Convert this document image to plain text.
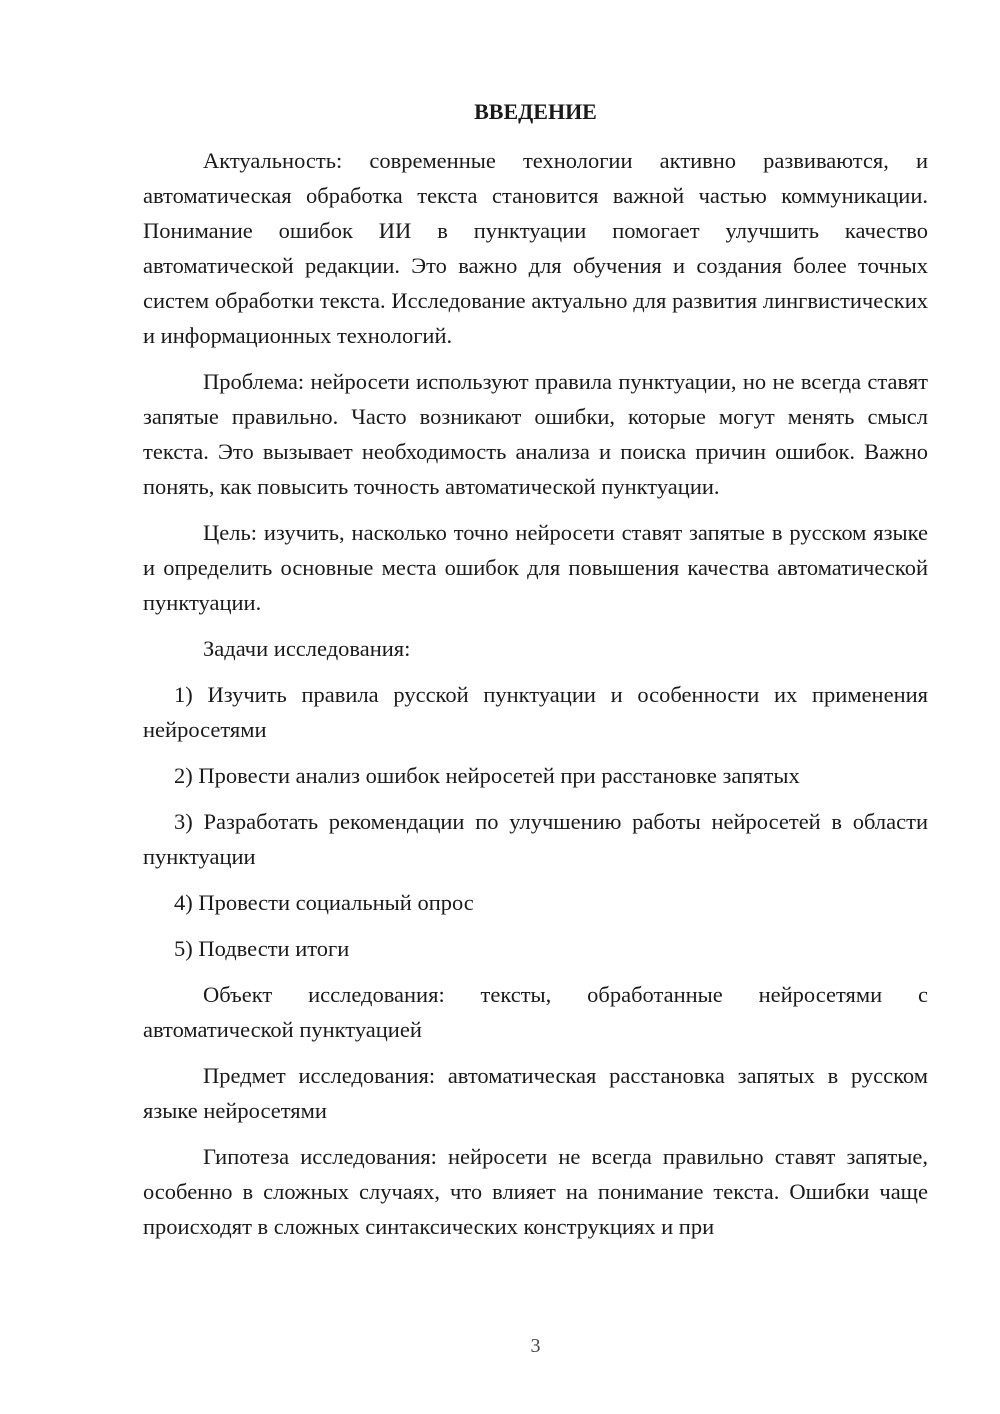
ВВЕДЕНИЕ

Актуальность: современные технологии активно развиваются, и автоматическая обработка текста становится важной частью коммуникации. Понимание ошибок ИИ в пунктуации помогает улучшить качество автоматической редакции. Это важно для обучения и создания более точных систем обработки текста. Исследование актуально для развития лингвистических и информационных технологий.

Проблема: нейросети используют правила пунктуации, но не всегда ставят запятые правильно. Часто возникают ошибки, которые могут менять смысл текста. Это вызывает необходимость анализа и поиска причин ошибок. Важно понять, как повысить точность автоматической пунктуации.

Цель: изучить, насколько точно нейросети ставят запятые в русском языке и определить основные места ошибок для повышения качества автоматической пунктуации.

Задачи исследования:

1) Изучить правила русской пунктуации и особенности их применения нейросетями

2) Провести анализ ошибок нейросетей при расстановке запятых

3) Разработать рекомендации по улучшению работы нейросетей в области пунктуации

4) Провести социальный опрос

5) Подвести итоги

Объект исследования: тексты, обработанные нейросетями с автоматической пунктуацией

Предмет исследования: автоматическая расстановка запятых в русском языке нейросетями

Гипотеза исследования: нейросети не всегда правильно ставят запятые, особенно в сложных случаях, что влияет на понимание текста. Ошибки чаще происходят в сложных синтаксических конструкциях и при

3
